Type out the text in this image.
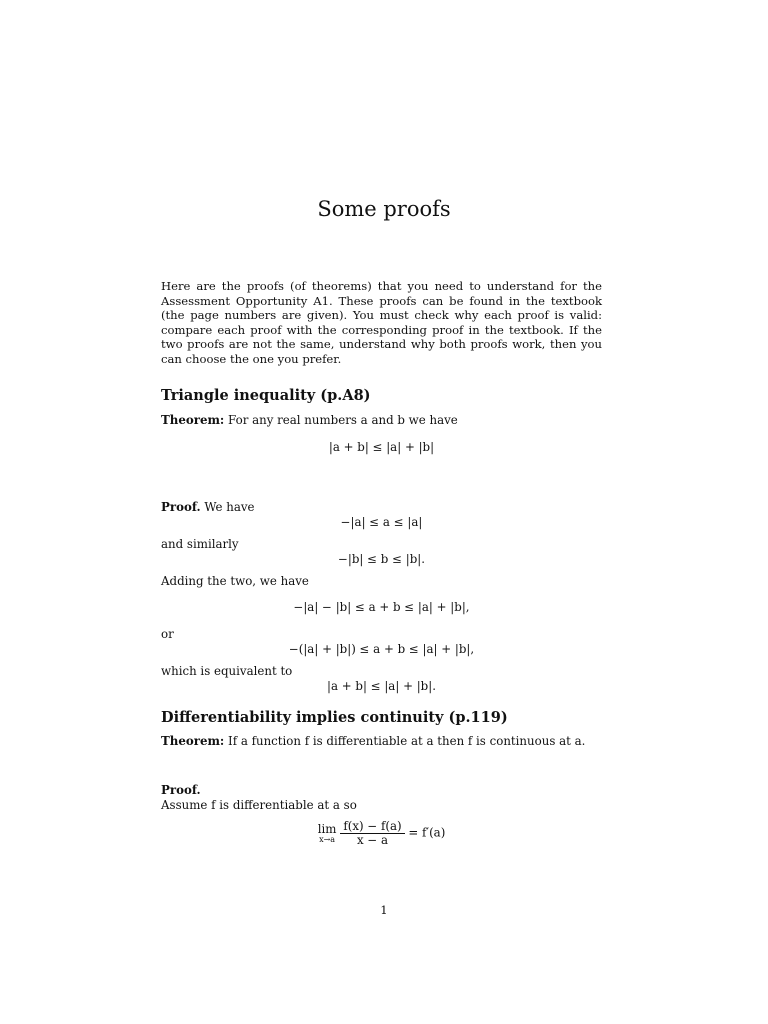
Some proofs

Here are the proofs (of theorems) that you need to understand for the Assessment Opportunity A1. These proofs can be found in the textbook (the page numbers are given). You must check why each proof is valid: compare each proof with the corresponding proof in the textbook. If the two proofs are not the same, understand why both proofs work, then you can choose the one you prefer.

Triangle inequality (p.A8)
Theorem: For any real numbers a and b we have
|a + b| ≤ |a| + |b|
Proof. We have
−|a| ≤ a ≤ |a|
and similarly
−|b| ≤ b ≤ |b|.
Adding the two, we have
−|a| − |b| ≤ a + b ≤ |a| + |b|,
or
−(|a| + |b|) ≤ a + b ≤ |a| + |b|,
which is equivalent to
|a + b| ≤ |a| + |b|.
Differentiability implies continuity (p.119)
Theorem: If a function f is differentiable at a then f is continuous at a.
Proof.
Assume f is differentiable at a so
lim
$x\to a \frac{f(x) - f(a)}{x - a} = f'(a)$
1
